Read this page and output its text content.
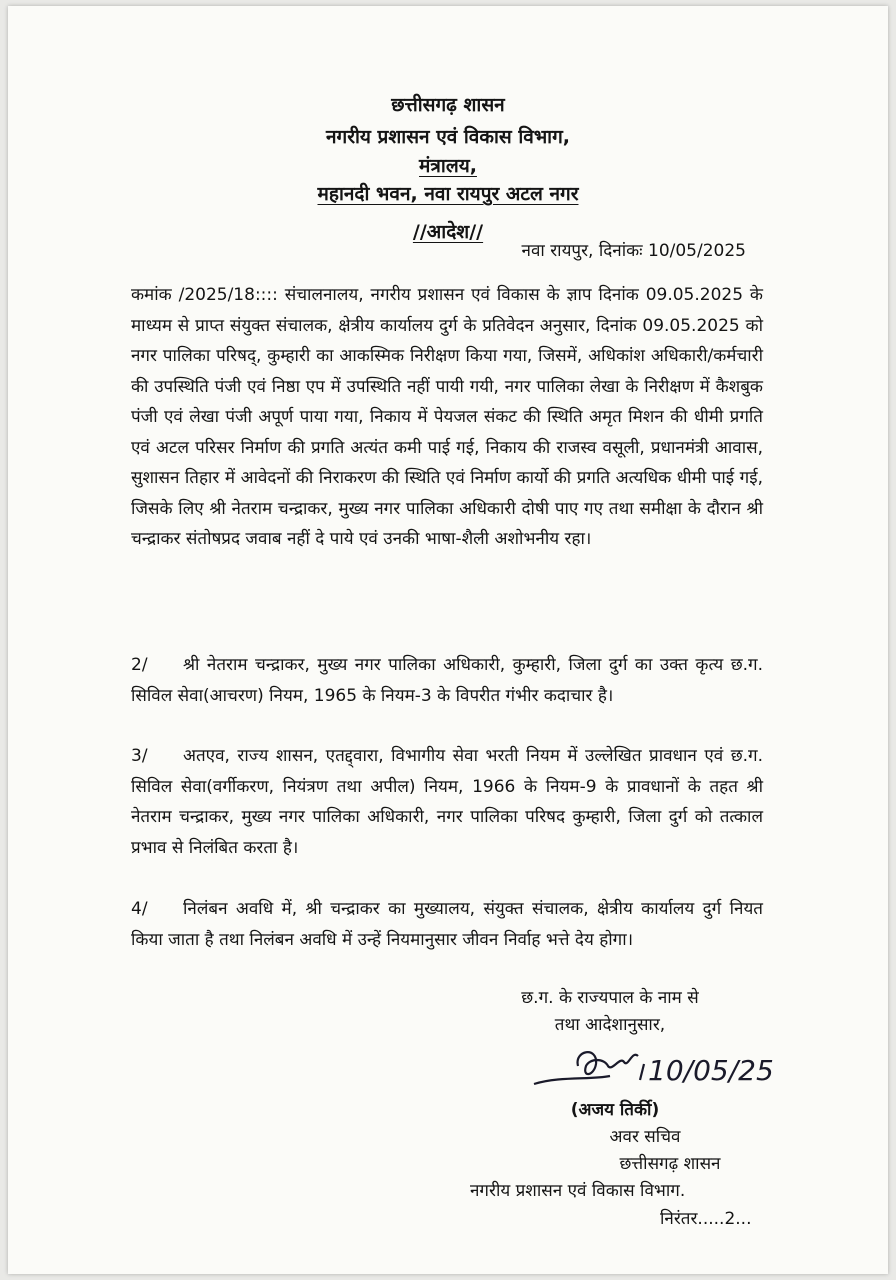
छत्तीसगढ़ शासन
नगरीय प्रशासन एवं विकास विभाग,
मंत्रालय,
महानदी भवन, नवा रायपुर अटल नगर
//आदेश//
नवा रायपुर, दिनांकः 10/05/2025
कमांक /2025/18:::: संचालनालय, नगरीय प्रशासन एवं विकास के ज्ञाप दिनांक 09.05.2025 के माध्यम से प्राप्त संयुक्त संचालक, क्षेत्रीय कार्यालय दुर्ग के प्रतिवेदन अनुसार, दिनांक 09.05.2025 को नगर पालिका परिषद्, कुम्हारी का आकस्मिक निरीक्षण किया गया, जिसमें, अधिकांश अधिकारी/कर्मचारी की उपस्थिति पंजी एवं निष्ठा एप में उपस्थिति नहीं पायी गयी, नगर पालिका लेखा के निरीक्षण में कैशबुक पंजी एवं लेखा पंजी अपूर्ण पाया गया, निकाय में पेयजल संकट की स्थिति अमृत मिशन की धीमी प्रगति एवं अटल परिसर निर्माण की प्रगति अत्यंत कमी पाई गई, निकाय की राजस्व वसूली, प्रधानमंत्री आवास, सुशासन तिहार में आवेदनों की निराकरण की स्थिति एवं निर्माण कार्यो की प्रगति अत्यधिक धीमी पाई गई, जिसके लिए श्री नेतराम चन्द्राकर, मुख्य नगर पालिका अधिकारी दोषी पाए गए तथा समीक्षा के दौरान श्री चन्द्राकर संतोषप्रद जवाब नहीं दे पाये एवं उनकी भाषा-शैली अशोभनीय रहा।
2/ श्री नेतराम चन्द्राकर, मुख्य नगर पालिका अधिकारी, कुम्हारी, जिला दुर्ग का उक्त कृत्य छ.ग. सिविल सेवा(आचरण) नियम, 1965 के नियम-3 के विपरीत गंभीर कदाचार है।
3/ अतएव, राज्य शासन, एतद्द्वारा, विभागीय सेवा भरती नियम में उल्लेखित प्रावधान एवं छ.ग. सिविल सेवा(वर्गीकरण, नियंत्रण तथा अपील) नियम, 1966 के नियम-9 के प्रावधानों के तहत श्री नेतराम चन्द्राकर, मुख्य नगर पालिका अधिकारी, नगर पालिका परिषद कुम्हारी, जिला दुर्ग को तत्काल प्रभाव से निलंबित करता है।
4/ निलंबन अवधि में, श्री चन्द्राकर का मुख्यालय, संयुक्त संचालक, क्षेत्रीय कार्यालय दुर्ग नियत किया जाता है तथा निलंबन अवधि में उन्हें नियमानुसार जीवन निर्वाह भत्ते देय होगा।
छ.ग. के राज्यपाल के नाम से
तथा आदेशानुसार,
10/05/25
(अजय तिर्की)
अवर सचिव
छत्तीसगढ़ शासन
नगरीय प्रशासन एवं विकास विभाग.
निरंतर.....2...
